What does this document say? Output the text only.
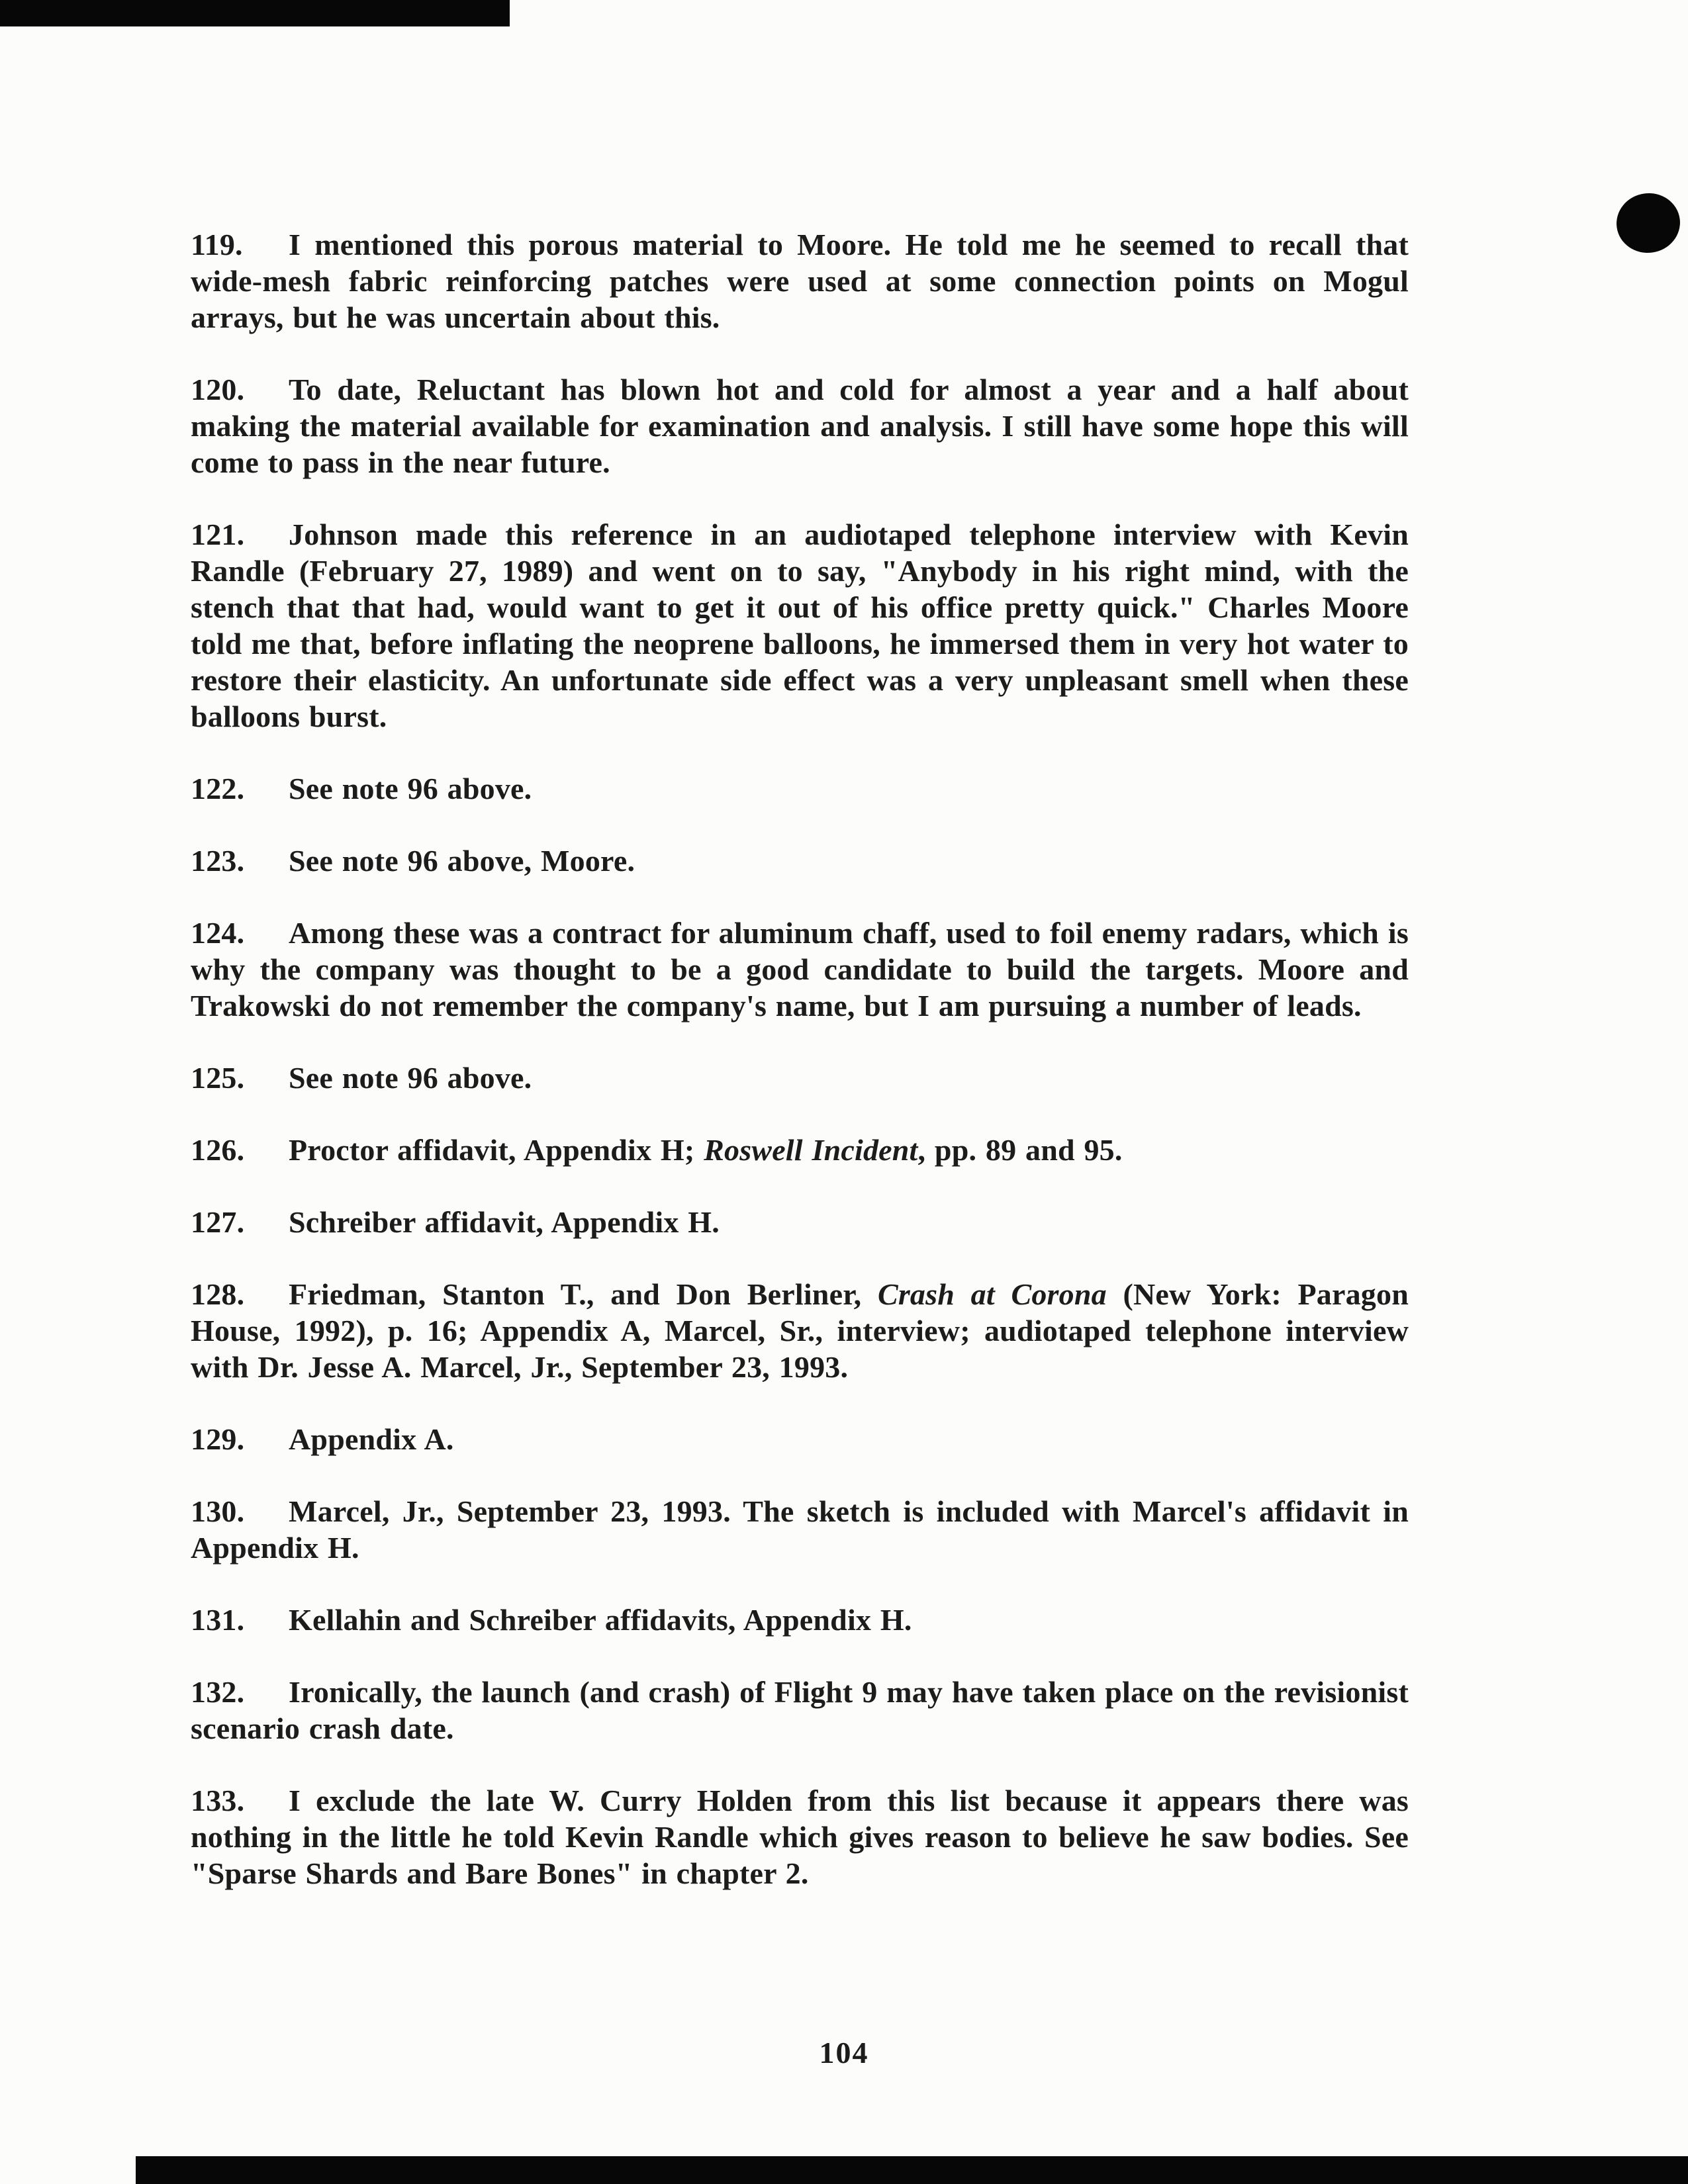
119. I mentioned this porous material to Moore. He told me he seemed to recall that wide-mesh fabric reinforcing patches were used at some connection points on Mogul arrays, but he was uncertain about this.

120. To date, Reluctant has blown hot and cold for almost a year and a half about making the material available for examination and analysis. I still have some hope this will come to pass in the near future.

121. Johnson made this reference in an audiotaped telephone interview with Kevin Randle (February 27, 1989) and went on to say, "Anybody in his right mind, with the stench that that had, would want to get it out of his office pretty quick." Charles Moore told me that, before inflating the neoprene balloons, he immersed them in very hot water to restore their elasticity. An unfortunate side effect was a very unpleasant smell when these balloons burst.

122. See note 96 above.

123. See note 96 above, Moore.

124. Among these was a contract for aluminum chaff, used to foil enemy radars, which is why the company was thought to be a good candidate to build the targets. Moore and Trakowski do not remember the company's name, but I am pursuing a number of leads.

125. See note 96 above.

126. Proctor affidavit, Appendix H; Roswell Incident, pp. 89 and 95.

127. Schreiber affidavit, Appendix H.

128. Friedman, Stanton T., and Don Berliner, Crash at Corona (New York: Paragon House, 1992), p. 16; Appendix A, Marcel, Sr., interview; audiotaped telephone interview with Dr. Jesse A. Marcel, Jr., September 23, 1993.

129. Appendix A.

130. Marcel, Jr., September 23, 1993. The sketch is included with Marcel's affidavit in Appendix H.

131. Kellahin and Schreiber affidavits, Appendix H.

132. Ironically, the launch (and crash) of Flight 9 may have taken place on the revisionist scenario crash date.

133. I exclude the late W. Curry Holden from this list because it appears there was nothing in the little he told Kevin Randle which gives reason to believe he saw bodies. See "Sparse Shards and Bare Bones" in chapter 2.

104
